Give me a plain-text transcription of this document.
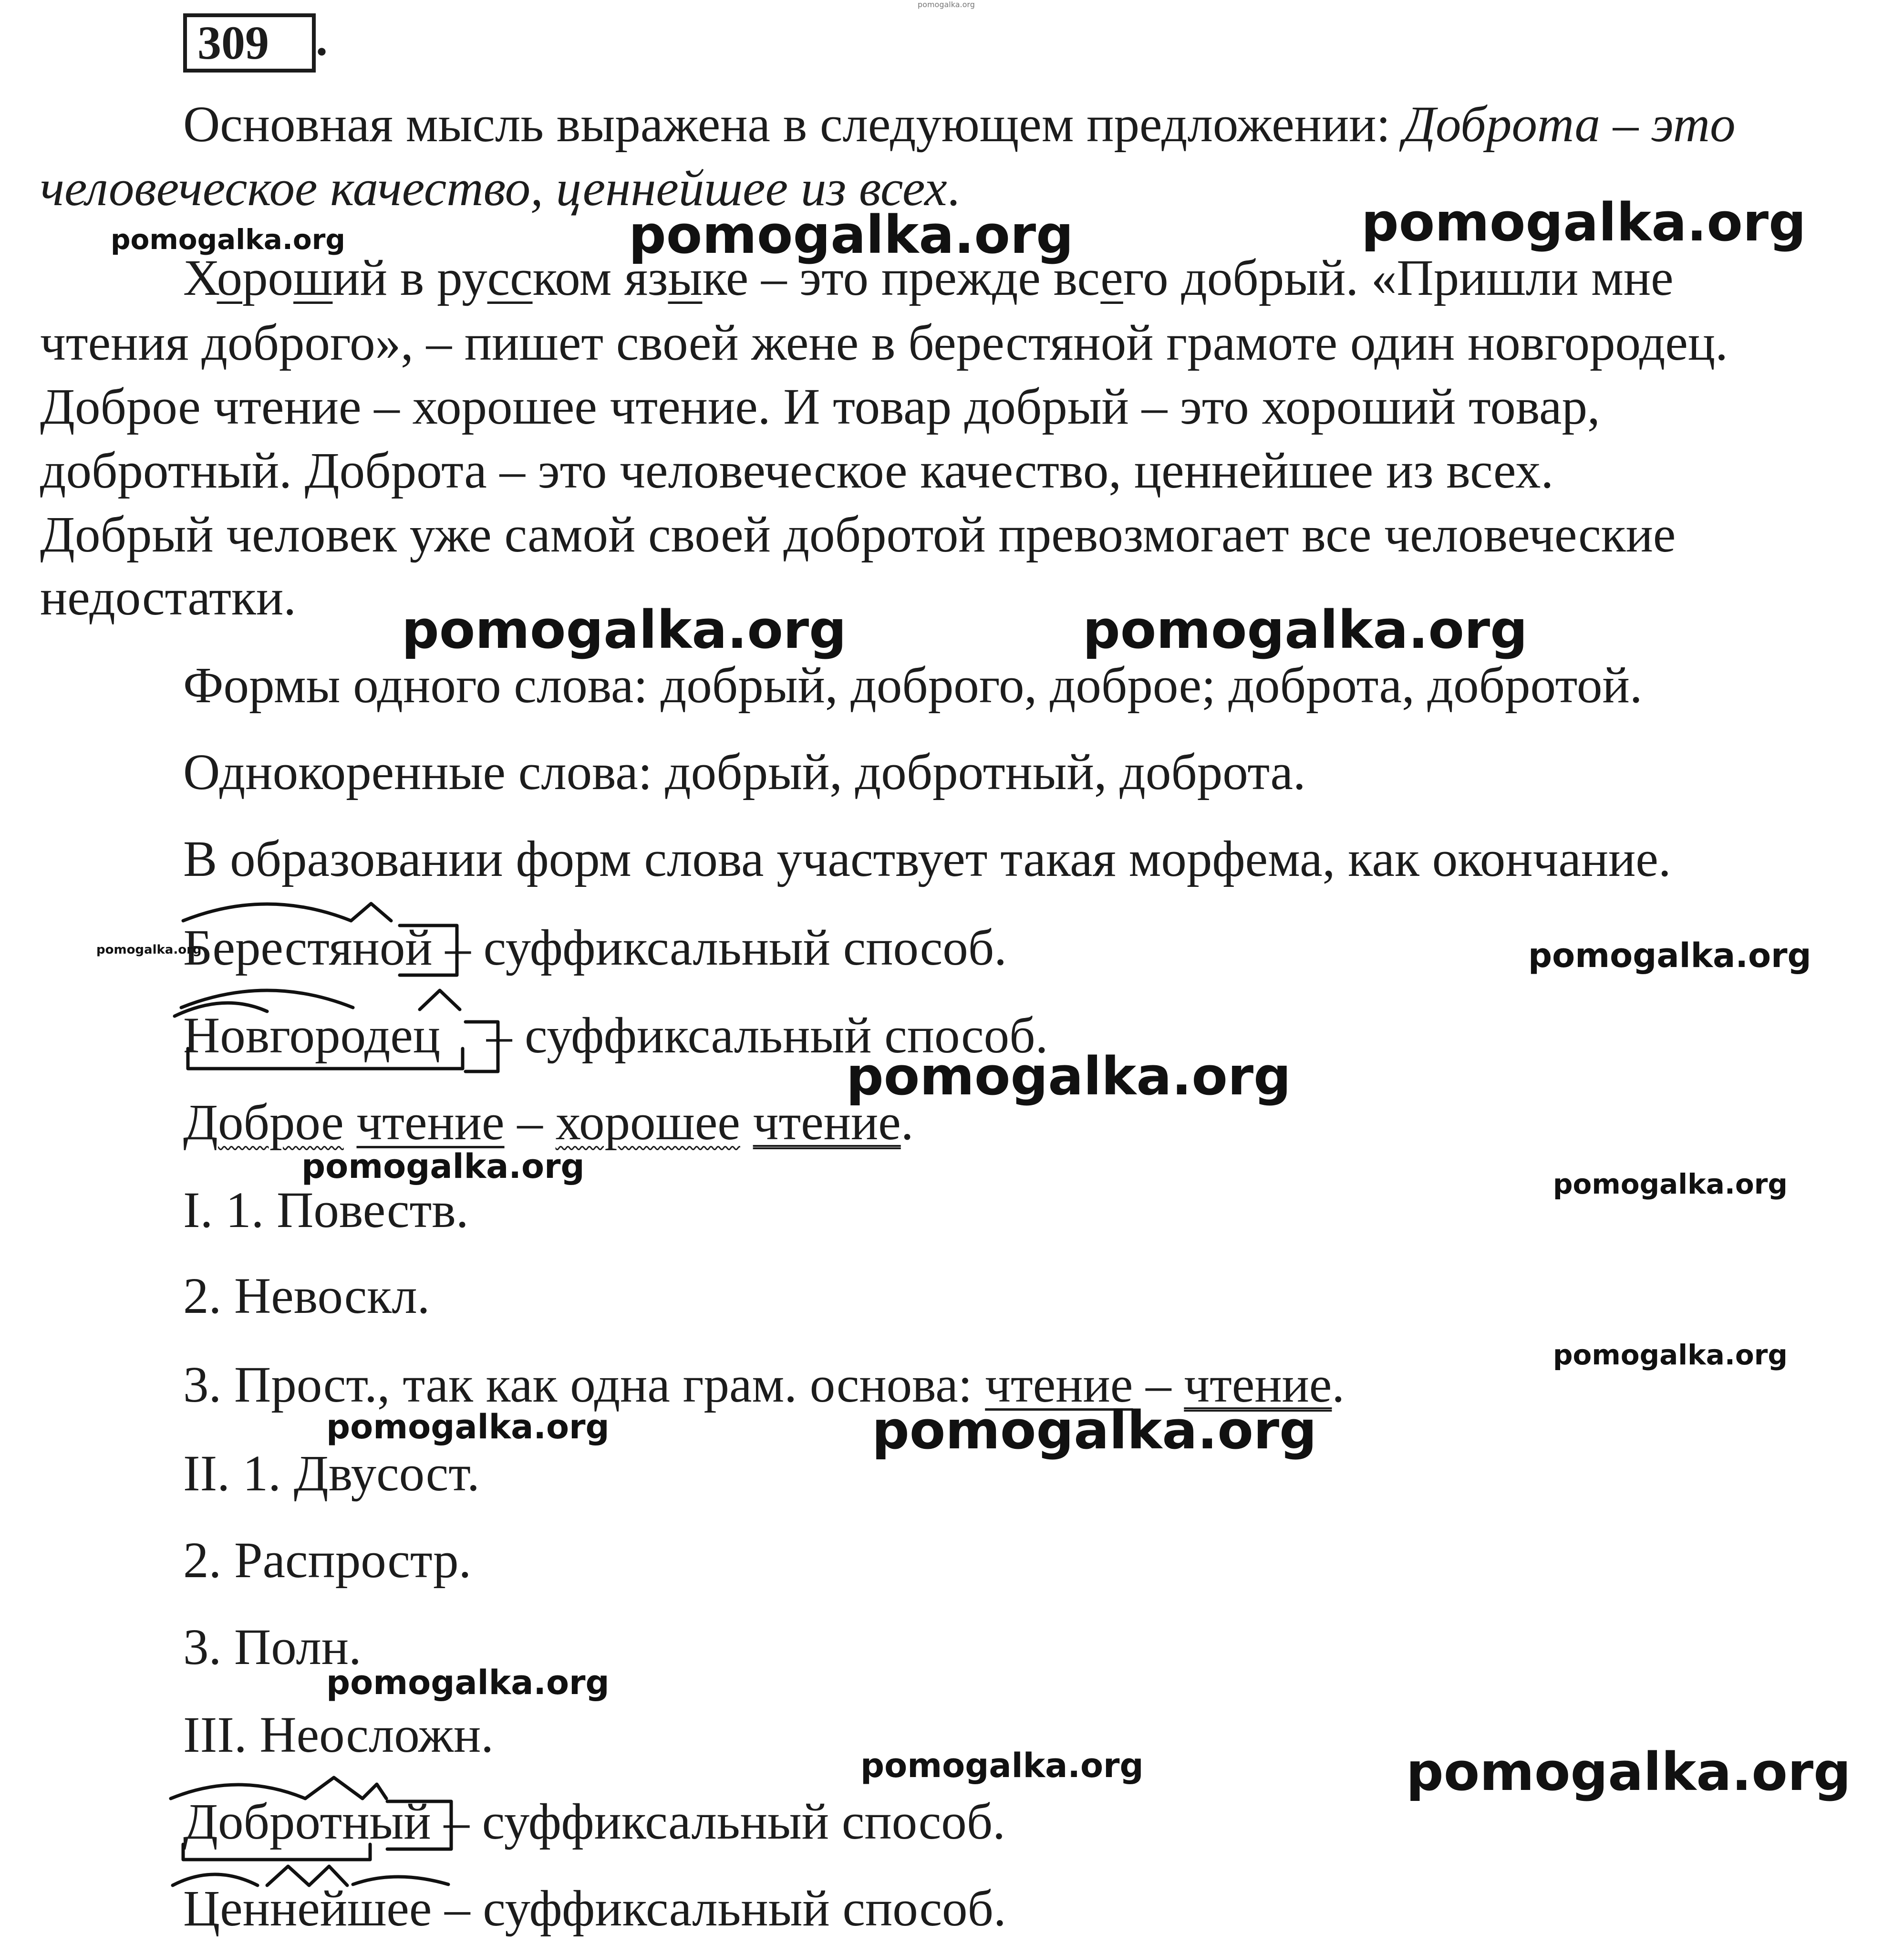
309 .
Основная мысль выражена в следующем предложении: Доброта – это
человеческое качество, ценнейшее из всех.
Хороший в русском языке – это прежде всего добрый. «Пришли мне
чтения доброго», – пишет своей жене в берестяной грамоте один новгородец.
Доброе чтение – хорошее чтение. И товар добрый – это хороший товар,
добротный. Доброта – это человеческое качество, ценнейшее из всех.
Добрый человек уже самой своей добротой превозмогает все человеческие
недостатки.
Формы одного слова: добрый, доброго, доброе; доброта, добротой.
Однокоренные слова: добрый, добротный, доброта.
В образовании форм слова участвует такая морфема, как окончание.
Берестяной – суффиксальный способ.
Новгородец – суффиксальный способ.
Доброе чтение – хорошее чтение.
I. 1. Повеств.
2. Невоскл.
3. Прост., так как одна грам. основа: чтение – чтение.
II. 1. Двусост.
2. Распростр.
3. Полн.
III. Неосложн.
Добротный – суффиксальный способ.
Ценнейшее – суффиксальный способ.
pomogalka.org
pomogalka.org	pomogalka.org	pomogalka.org
pomogalka.org	pomogalka.org
pomogalka.org	pomogalka.org
pomogalka.org
pomogalka.org	pomogalka.org
pomogalka.org
pomogalka.org	pomogalka.org
pomogalka.org
pomogalka.org	pomogalka.org
